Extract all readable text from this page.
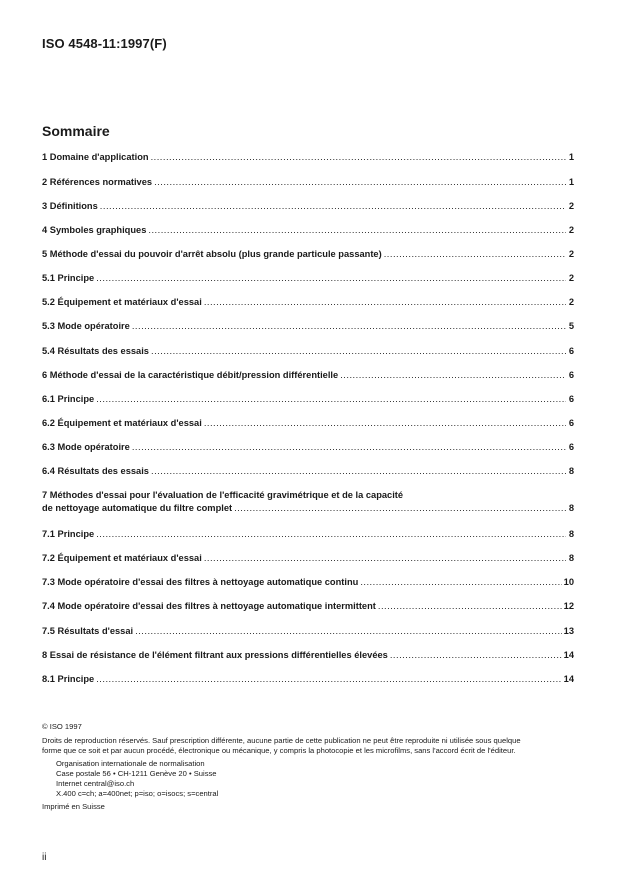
ISO 4548-11:1997(F)
Sommaire
1 Domaine d'application .....	1
2 Références normatives .....	1
3 Définitions .....	2
4 Symboles graphiques .....	2
5 Méthode d'essai du pouvoir d'arrêt absolu (plus grande particule passante) .....	2
5.1 Principe .....	2
5.2 Équipement et matériaux d'essai .....	2
5.3 Mode opératoire .....	5
5.4 Résultats des essais .....	6
6 Méthode d'essai de la caractéristique débit/pression différentielle .....	6
6.1 Principe .....	6
6.2 Équipement et matériaux d'essai .....	6
6.3 Mode opératoire .....	6
6.4 Résultats des essais .....	8
7 Méthodes d'essai pour l'évaluation de l'efficacité gravimétrique et de la capacité
de nettoyage automatique du filtre complet .....	8
7.1 Principe .....	8
7.2 Équipement et matériaux d'essai .....	8
7.3 Mode opératoire d'essai des filtres à nettoyage automatique continu .....	10
7.4 Mode opératoire d'essai des filtres à nettoyage automatique intermittent .....	12
7.5 Résultats d'essai .....	13
8 Essai de résistance de l'élément filtrant aux pressions différentielles élevées .....	14
8.1 Principe .....	14
© ISO 1997
Droits de reproduction réservés. Sauf prescription différente, aucune partie de cette publication ne peut être reproduite ni utilisée sous quelque
forme que ce soit et par aucun procédé, électronique ou mécanique, y compris la photocopie et les microfilms, sans l'accord écrit de l'éditeur.
Organisation internationale de normalisation
Case postale 56 • CH-1211 Genève 20 • Suisse
Internet central@iso.ch
X.400 c=ch; a=400net; p=iso; o=isocs; s=central
Imprimé en Suisse
ii
